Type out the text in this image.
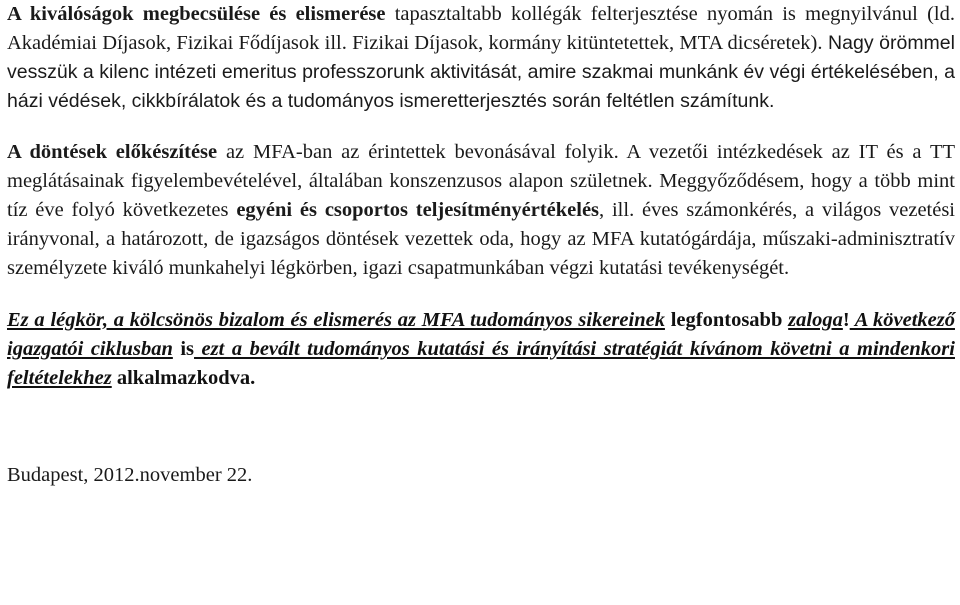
A kiválóságok megbecsülése és elismerése tapasztaltabb kollégák felterjesztése nyomán is megnyilvánul (ld. Akadémiai Díjasok, Fizikai Fődíjasok ill. Fizikai Díjasok, kormány kitüntetettek, MTA dicséretek). Nagy örömmel vesszük a kilenc intézeti emeritus professzorunk aktivitását, amire szakmai munkánk év végi értékelésében, a házi védések, cikkbírálatok és a tudományos ismeretterjesztés során feltétlen számítunk.

A döntések előkészítése az MFA-ban az érintettek bevonásával folyik. A vezetői intézkedések az IT és a TT meglátásainak figyelembevételével, általában konszenzusos alapon születnek. Meggyőződésem, hogy a több mint tíz éve folyó következetes egyéni és csoportos teljesítményértékelés, ill. éves számonkérés, a világos vezetési irányvonal, a határozott, de igazságos döntések vezettek oda, hogy az MFA kutatógárdája, műszaki-adminisztratív személyzete kiváló munkahelyi légkörben, igazi csapatmunkában végzi kutatási tevékenységét.

Ez a légkör, a kölcsönös bizalom és elismerés az MFA tudományos sikereinek legfontosabb zaloga! A következő igazgatói ciklusban is ezt a bevált tudományos kutatási és irányítási stratégiát kívánom követni a mindenkori feltételekhez alkalmazkodva.

Budapest, 2012.november 22.
